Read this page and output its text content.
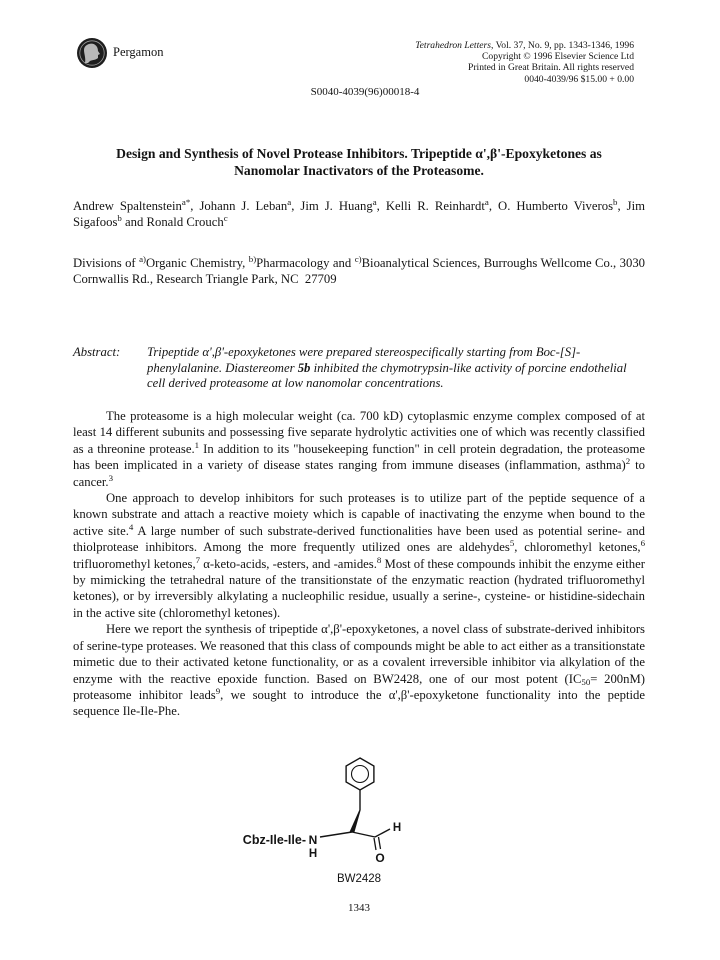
Pergamon	Tetrahedron Letters, Vol. 37, No. 9, pp. 1343-1346, 1996
Copyright © 1996 Elsevier Science Ltd
Printed in Great Britain. All rights reserved
0040-4039/96 $15.00 + 0.00
S0040-4039(96)00018-4
Design and Synthesis of Novel Protease Inhibitors. Tripeptide α',β'-Epoxyketones as
Nanomolar Inactivators of the Proteasome.

Andrew Spaltenstein$^{a*}$, Johann J. Leban$^a$, Jim J. Huang$^a$, Kelli R. Reinhardt$^a$, O. Humberto Viveros$^b$, Jim Sigafoos$^b$ and Ronald Crouch$^c$

Divisions of $^{a)}$Organic Chemistry, $^{b)}$Pharmacology and $^{c)}$Bioanalytical Sciences, Burroughs Wellcome Co., 3030 Cornwallis Rd., Research Triangle Park, NC  27709

Abstract:	Tripeptide α',β'-epoxyketones were prepared stereospecifically starting from Boc-[S]-phenylalanine. Diastereomer 5b inhibited the chymotrypsin-like activity of porcine endothelial cell derived proteasome at low nanomolar concentrations.

The proteasome is a high molecular weight (ca. 700 kD) cytoplasmic enzyme complex composed of at least 14 different subunits and possessing five separate hydrolytic activities one of which was recently classified as a threonine protease.$^1$ In addition to its "housekeeping function" in cell protein degradation, the proteasome has been implicated in a variety of disease states ranging from immune diseases (inflammation, asthma)$^2$ to cancer.$^3$

One approach to develop inhibitors for such proteases is to utilize part of the peptide sequence of a known substrate and attach a reactive moiety which is capable of inactivating the enzyme when bound to the active site.$^4$ A large number of such substrate-derived functionalities have been used as potential serine- and thiolprotease inhibitors. Among the more frequently utilized ones are aldehydes$^5$, chloromethyl ketones,$^6$ trifluoromethyl ketones,$^7$ α-keto-acids, -esters, and -amides.$^8$ Most of these compounds inhibit the enzyme either by mimicking the tetrahedral nature of the transitionstate of the enzymatic reaction (hydrated trifluoromethyl ketones), or by irreversibly alkylating a nucleophilic residue, usually a serine-, cysteine- or histidine-sidechain in the active site (chloromethyl ketones).

Here we report the synthesis of tripeptide α',β'-epoxyketones, a novel class of substrate-derived inhibitors of serine-type proteases. We reasoned that this class of compounds might be able to act either as a transitionstate mimetic due to their activated ketone functionality, or as a covalent irreversible inhibitor via alkylation of the enzyme with the reactive epoxide function. Based on BW2428, one of our most potent $(IC_{50}= 200nM)$ proteasome inhibitor leads$^9$, we sought to introduce the α',β'-epoxyketone functionality into the peptide sequence Ile-Ile-Phe.

Cbz-Ile-Ile- N
H	O
H
BW2428
1343
